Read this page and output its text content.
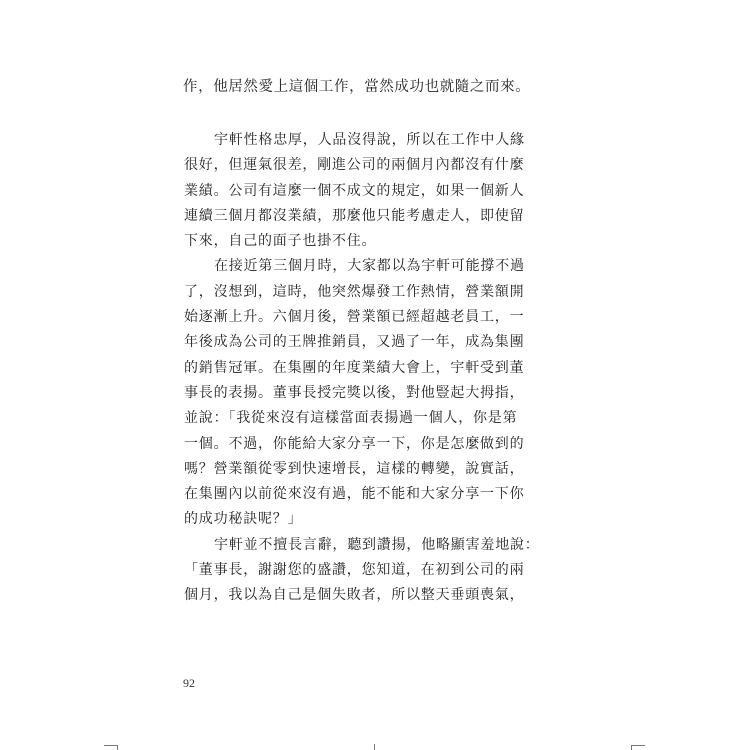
作，他居然愛上這個工作，當然成功也就隨之而來。

宇軒性格忠厚，人品沒得說，所以在工作中人緣
很好，但運氣很差，剛進公司的兩個月內都沒有什麼
業績。公司有這麼一個不成文的規定，如果一個新人
連續三個月都沒業績，那麼他只能考慮走人，即使留
下來，自己的面子也掛不住。

在接近第三個月時，大家都以為宇軒可能撐不過
了，沒想到，這時，他突然爆發工作熱情，營業額開
始逐漸上升。六個月後，營業額已經超越老員工，一
年後成為公司的王牌推銷員，又過了一年，成為集團
的銷售冠軍。在集團的年度業績大會上，宇軒受到董
事長的表揚。董事長授完獎以後，對他豎起大拇指，
並說：「我從來沒有這樣當面表揚過一個人，你是第
一個。不過，你能給大家分享一下，你是怎麼做到的
嗎？營業額從零到快速增長，這樣的轉變，說實話，
在集團內以前從來沒有過，能不能和大家分享一下你
的成功秘訣呢？」

宇軒並不擅長言辭，聽到讚揚，他略顯害羞地說：
「董事長，謝謝您的盛讚，您知道，在初到公司的兩
個月，我以為自己是個失敗者，所以整天垂頭喪氣，

92
